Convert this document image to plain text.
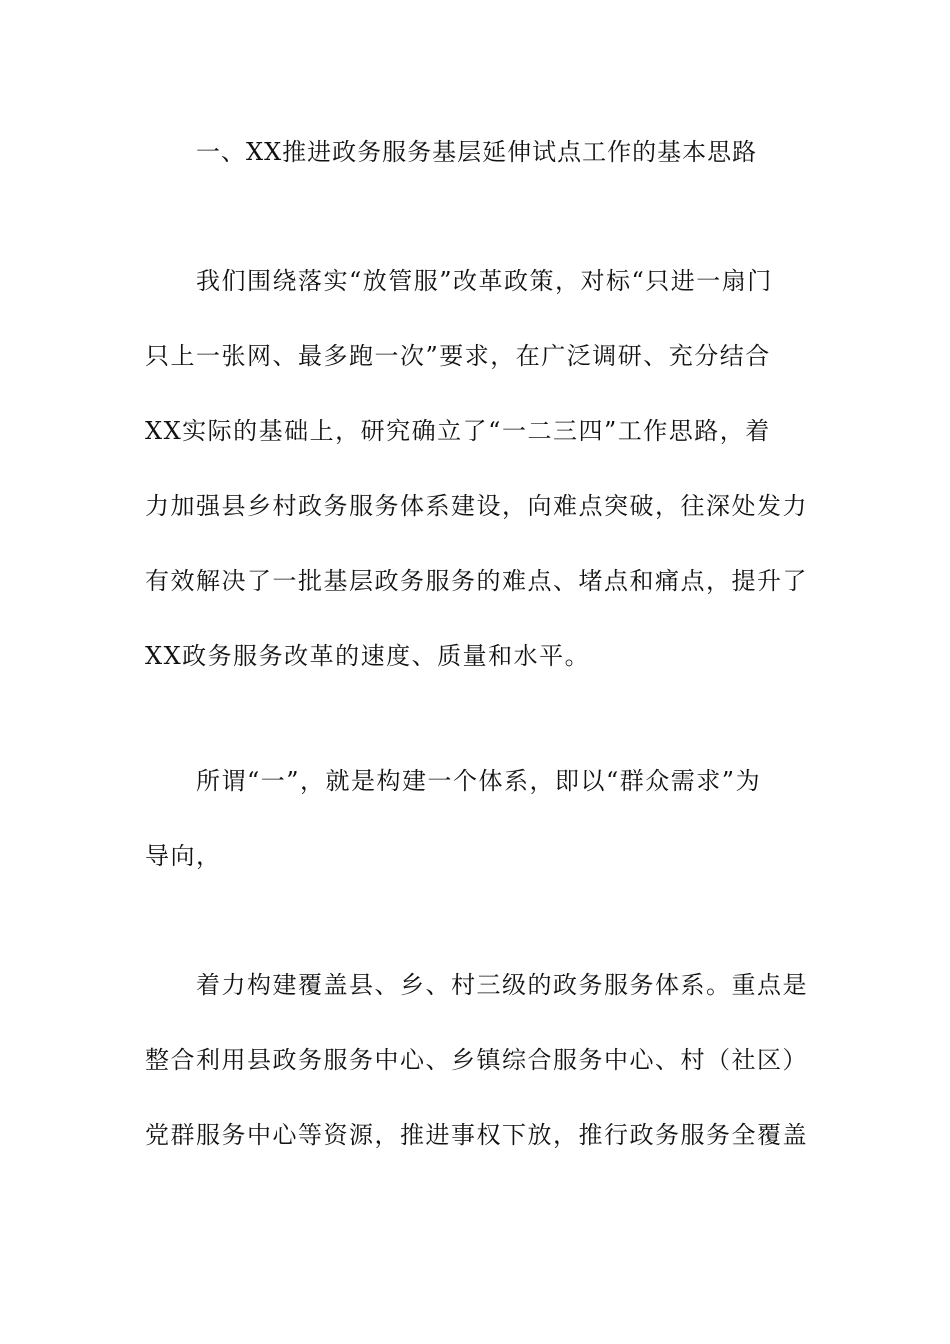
一、XX推进政务服务基层延伸试点工作的基本思路
我们围绕落实“放管服”改革政策，对标“只进一扇门
只上一张网、最多跑一次”要求，在广泛调研、充分结合
XX实际的基础上，研究确立了“一二三四”工作思路，着
力加强县乡村政务服务体系建设，向难点突破，往深处发力
有效解决了一批基层政务服务的难点、堵点和痛点，提升了
XX政务服务改革的速度、质量和水平。
所谓“一”，就是构建一个体系，即以“群众需求”为
导向，
着力构建覆盖县、乡、村三级的政务服务体系。重点是
整合利用县政务服务中心、乡镇综合服务中心、村（社区）
党群服务中心等资源，推进事权下放，推行政务服务全覆盖
